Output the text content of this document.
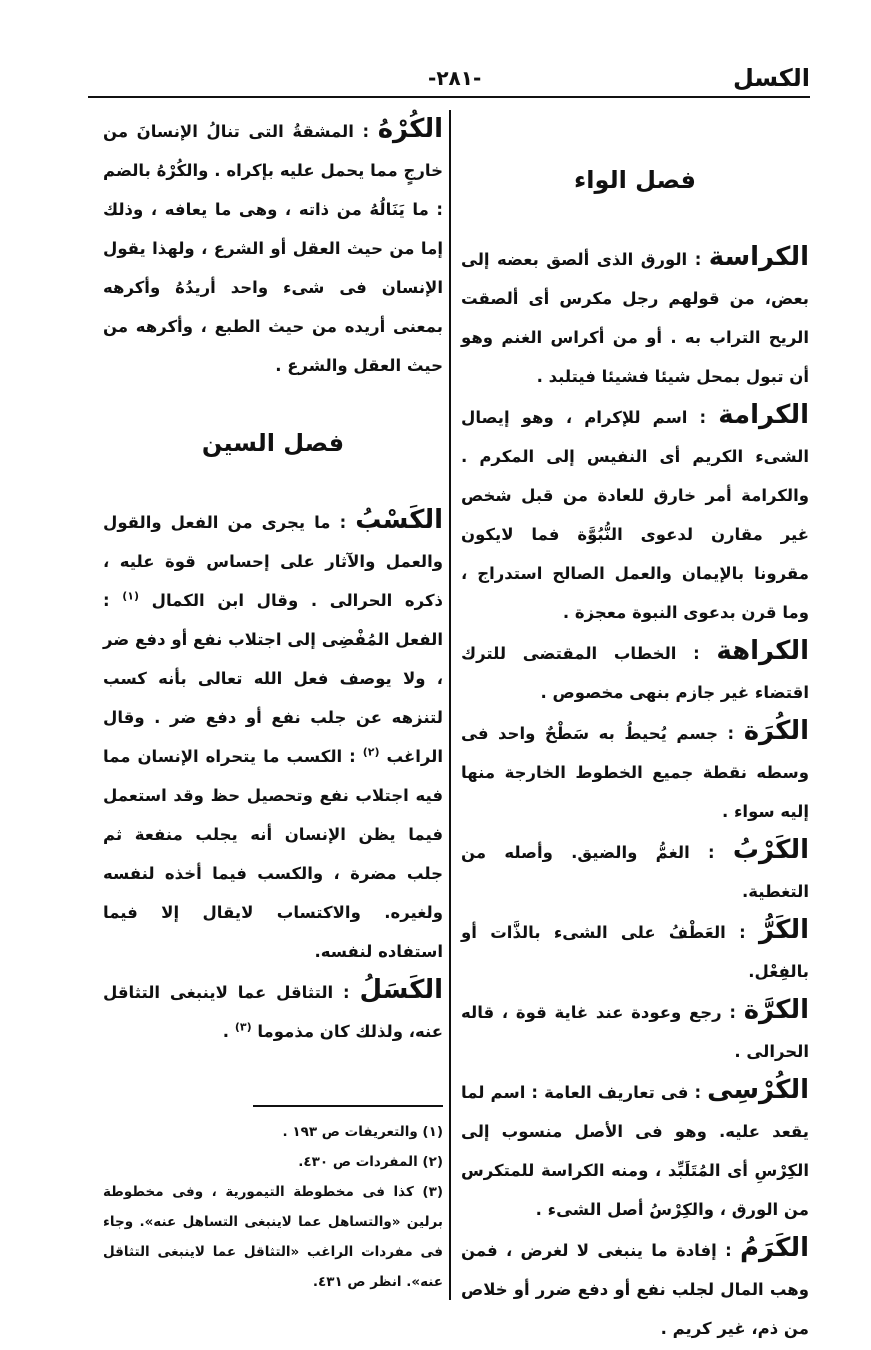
الكسل
-٢٨١-
فصل الواء
الكراسة : الورق الذى ألصق بعضه إلى بعض، من قولهم رجل مكرس أى ألصقت الريح التراب به . أو من أكراس الغنم وهو أن تبول بمحل شيئا فشيئا فيتلبد .
الكرامة : اسم للإكرام ، وهو إيصال الشىء الكريم أى النفيس إلى المكرم . والكرامة أمر خارق للعادة من قبل شخص غير مقارن لدعوى النُّبُوَّة فما لايكون مقرونا بالإيمان والعمل الصالح استدراج ، وما قرن بدعوى النبوة معجزة .
الكراهة : الخطاب المقتضى للترك اقتضاء غير جازم بنهى مخصوص .
الكُرَة : جسم يُحيطُ به سَطْحٌ واحد فى وسطه نقطة جميع الخطوط الخارجة منها إليه سواء .
الكَرْبُ : الغمُّ والضيق. وأصله من التغطية.
الكَرُّ : العَطْفُ على الشىء بالذَّات أو بالفِعْل.
الكرَّة : رجع وعودة عند غاية قوة ، قاله الحرالى .
الكُرْسِى : فى تعاريف العامة : اسم لما يقعد عليه. وهو فى الأصل منسوب إلى الكِرْسِ أى المُتَلَبِّد ، ومنه الكراسة للمتكرس من الورق ، والكِرْسُ أصل الشىء .
الكَرَمُ : إفادة ما ينبغى لا لغرض ، فمن وهب المال لجلب نفع أو دفع ضرر أو خلاص من ذم، غير كريم .
الكُرْهُ : المشقةُ التى تنالُ الإنسانَ من خارجٍ مما يحمل عليه بإكراه . والكُرْهُ بالضم : ما يَنَالُهُ من ذاته ، وهى ما يعافه ، وذلك إما من حيث العقل أو الشرع ، ولهذا يقول الإنسان فى شىء واحد أريدُهُ وأكرهه بمعنى أريده من حيث الطبع ، وأكرهه من حيث العقل والشرع .
فصل السين
الكَسْبُ : ما يجرى من الفعل والقول والعمل والآثار على إحساس قوة عليه ، ذكره الحرالى . وقال ابن الكمال $^{(١)}$ : الفعل المُفْضِى إلى اجتلاب نفع أو دفع ضر ، ولا يوصف فعل الله تعالى بأنه كسب لتنزهه عن جلب نفع أو دفع ضر . وقال الراغب $^{(٢)}$ : الكسب ما يتحراه الإنسان مما فيه اجتلاب نفع وتحصيل حظ وقد استعمل فيما يظن الإنسان أنه يجلب منفعة ثم جلب مضرة ، والكسب فيما أخذه لنفسه ولغيره. والاكتساب لايقال إلا فيما استفاده لنفسه.
الكَسَلُ : التثاقل عما لاينبغى التثاقل عنه، ولذلك كان مذموما $^{(٣)}$ .
(١) والتعريفات ص ١٩٣ .
(٢) المفردات ص ٤٣٠.
(٣) كذا فى مخطوطة التيمورية ، وفى مخطوطة برلين «والتساهل عما لاينبغى التساهل عنه». وجاء فى مفردات الراغب «التثاقل عما لاينبغى التثاقل عنه». انظر ص ٤٣١.
